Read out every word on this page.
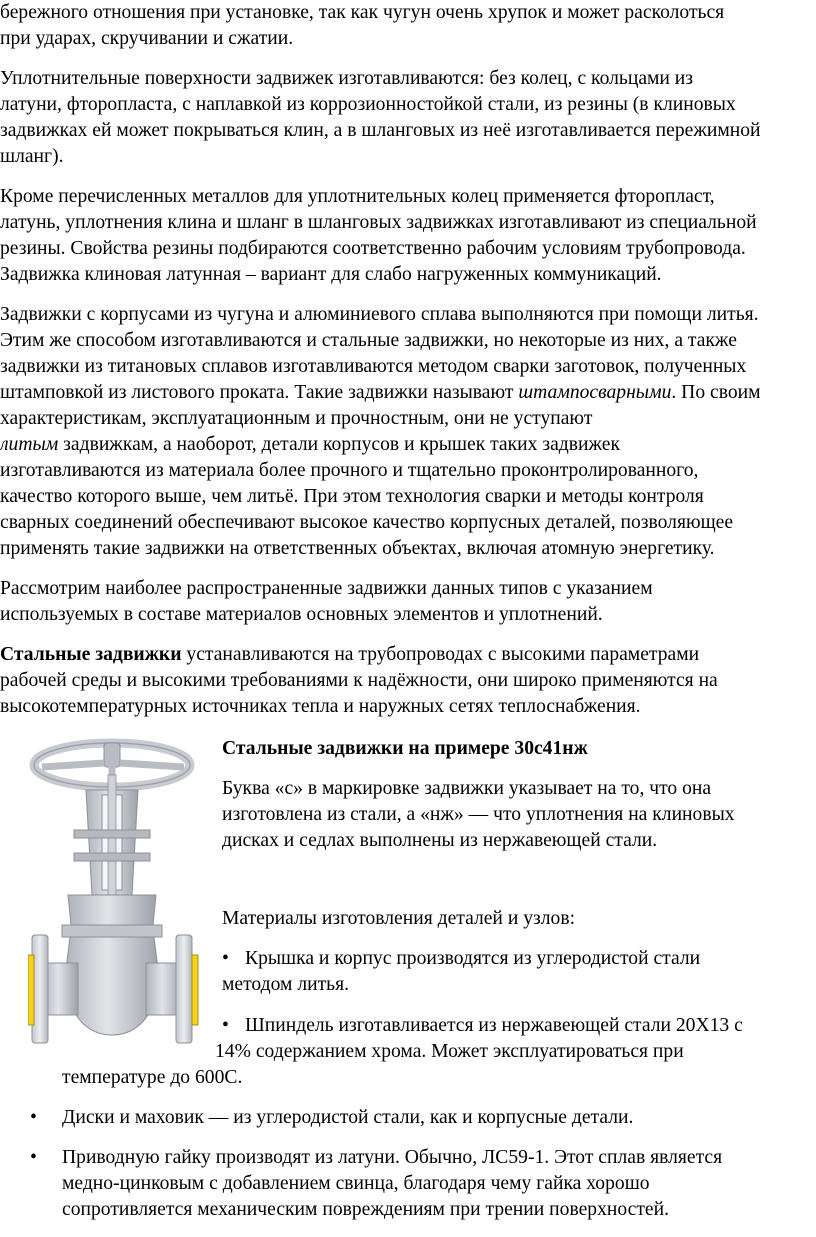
бережного отношения при установке, так как чугун очень хрупок и может расколоться

при ударах, скручивании и сжатии.

Уплотнительные поверхности задвижек изготавливаются: без колец, с кольцами из

латуни, фторопласта, с наплавкой из коррозионностойкой стали, из резины (в клиновых

задвижках ей может покрываться клин, а в шланговых из неё изготавливается пережимной

шланг).

Кроме перечисленных металлов для уплотнительных колец применяется фторопласт,

латунь, уплотнения клина и шланг в шланговых задвижках изготавливают из специальной

резины. Свойства резины подбираются соответственно рабочим условиям трубопровода.

Задвижка клиновая латунная – вариант для слабо нагруженных коммуникаций.

Задвижки с корпусами из чугуна и алюминиевого сплава выполняются при помощи литья.

Этим же способом изготавливаются и стальные задвижки, но некоторые из них, а также

задвижки из титановых сплавов изготавливаются методом сварки заготовок, полученных

штамповкой из листового проката. Такие задвижки называют штампосварными. По своим

характеристикам, эксплуатационным и прочностным, они не уступают

литым задвижкам, а наоборот, детали корпусов и крышек таких задвижек

изготавливаются из материала более прочного и тщательно проконтролированного,

качество которого выше, чем литьё. При этом технология сварки и методы контроля

сварных соединений обеспечивают высокое качество корпусных деталей, позволяющее

применять такие задвижки на ответственных объектах, включая атомную энергетику.

Рассмотрим наиболее распространенные задвижки данных типов с указанием

используемых в составе материалов основных элементов и уплотнений.

Стальные задвижки устанавливаются на трубопроводах с высокими параметрами

рабочей среды и высокими требованиями к надёжности, они широко применяются на

высокотемпературных источниках тепла и наружных сетях теплоснабжения.

Стальные задвижки на примере 30с41нж

Буква «с» в маркировке задвижки указывает на то, что она

изготовлена из стали, а «нж» — что уплотнения на клиновых

дисках и седлах выполнены из нержавеющей стали.

Материалы изготовления деталей и узлов:

• Крышка и корпус производятся из углеродистой стали

методом литья.

• Шпиндель изготавливается из нержавеющей стали 20Х13 с

14% содержанием хрома. Может эксплуатироваться при

температуре до 600С.

• Диски и маховик — из углеродистой стали, как и корпусные детали.

• Приводную гайку производят из латуни. Обычно, ЛС59-1. Этот сплав является

медно-цинковым с добавлением свинца, благодаря чему гайка хорошо

сопротивляется механическим повреждениям при трении поверхностей.
